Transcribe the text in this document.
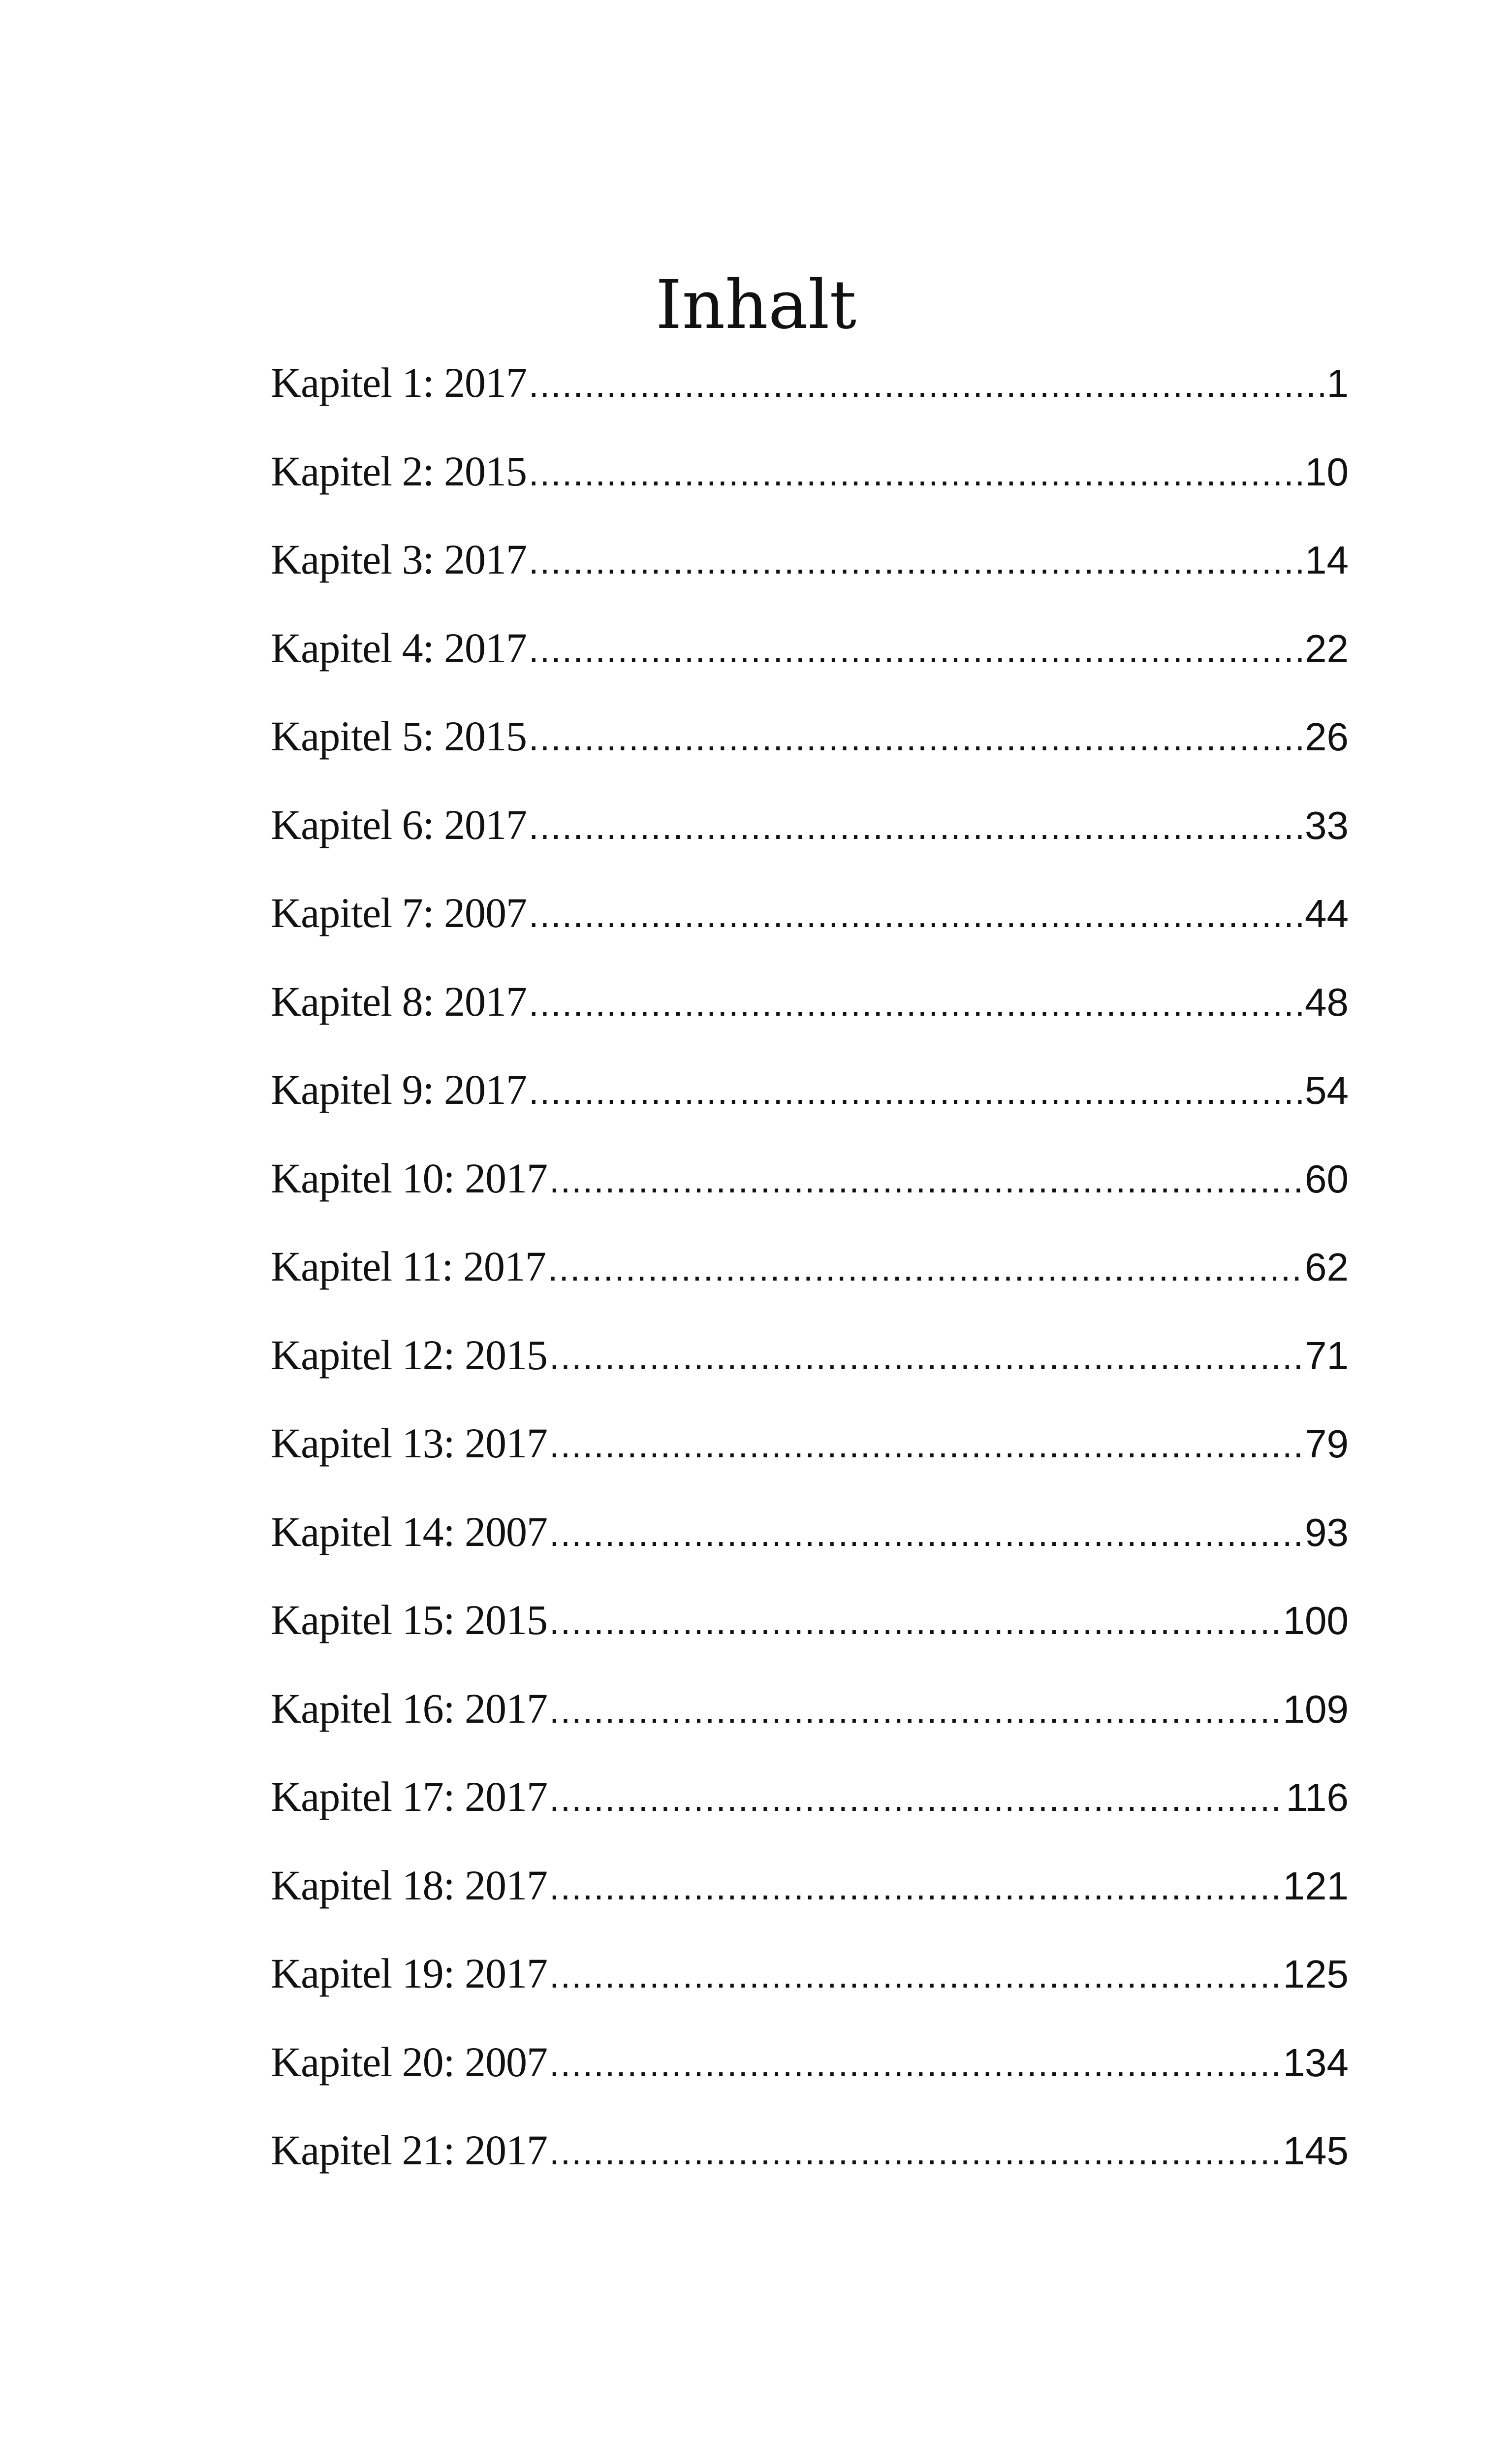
Inhalt
Kapitel 1: 2017 .....	1
Kapitel 2: 2015 .....	10
Kapitel 3: 2017 .....	14
Kapitel 4: 2017 .....	22
Kapitel 5: 2015 .....	26
Kapitel 6: 2017 .....	33
Kapitel 7: 2007 .....	44
Kapitel 8: 2017 .....	48
Kapitel 9: 2017 .....	54
Kapitel 10: 2017 .....	60
Kapitel 11: 2017 .....	62
Kapitel 12: 2015 .....	71
Kapitel 13: 2017 .....	79
Kapitel 14: 2007 .....	93
Kapitel 15: 2015 .....	100
Kapitel 16: 2017 .....	109
Kapitel 17: 2017 .....	116
Kapitel 18: 2017 .....	121
Kapitel 19: 2017 .....	125
Kapitel 20: 2007 .....	134
Kapitel 21: 2017 .....	145
